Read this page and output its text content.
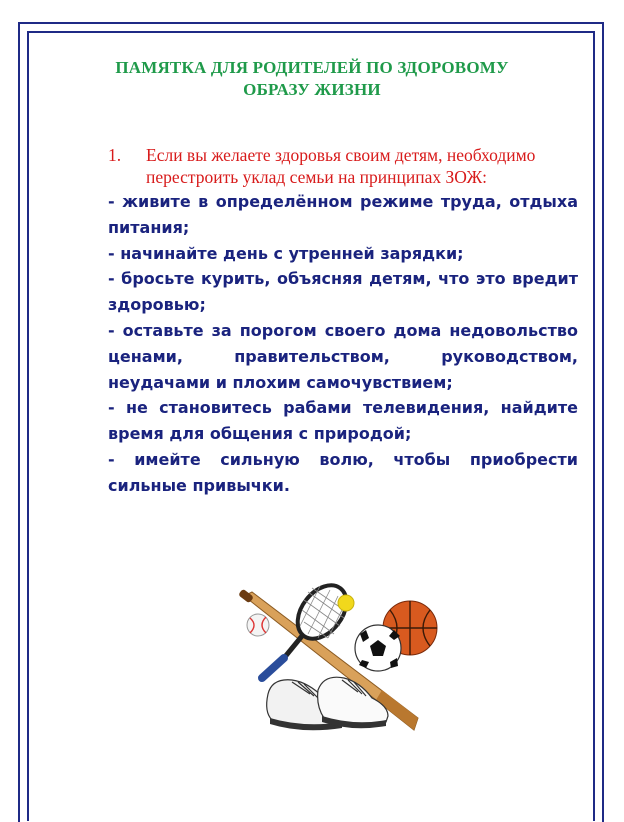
ПАМЯТКА ДЛЯ РОДИТЕЛЕЙ ПО ЗДОРОВОМУ
ОБРАЗУ ЖИЗНИ
1.	Если вы желаете здоровья своим детям, необходимо
перестроить уклад семьи на принципах ЗОЖ:

- живите в определённом режиме труда, отдыха питания;

- начинайте день с утренней зарядки;

- бросьте курить, объясняя детям, что это вредит здоровью;

- оставьте за порогом своего дома недовольство ценами, правительством, руководством, неудачами и плохим самочувствием;

- не становитесь рабами телевидения, найдите время для общения с природой;

- имейте сильную волю, чтобы приобрести сильные привычки.
